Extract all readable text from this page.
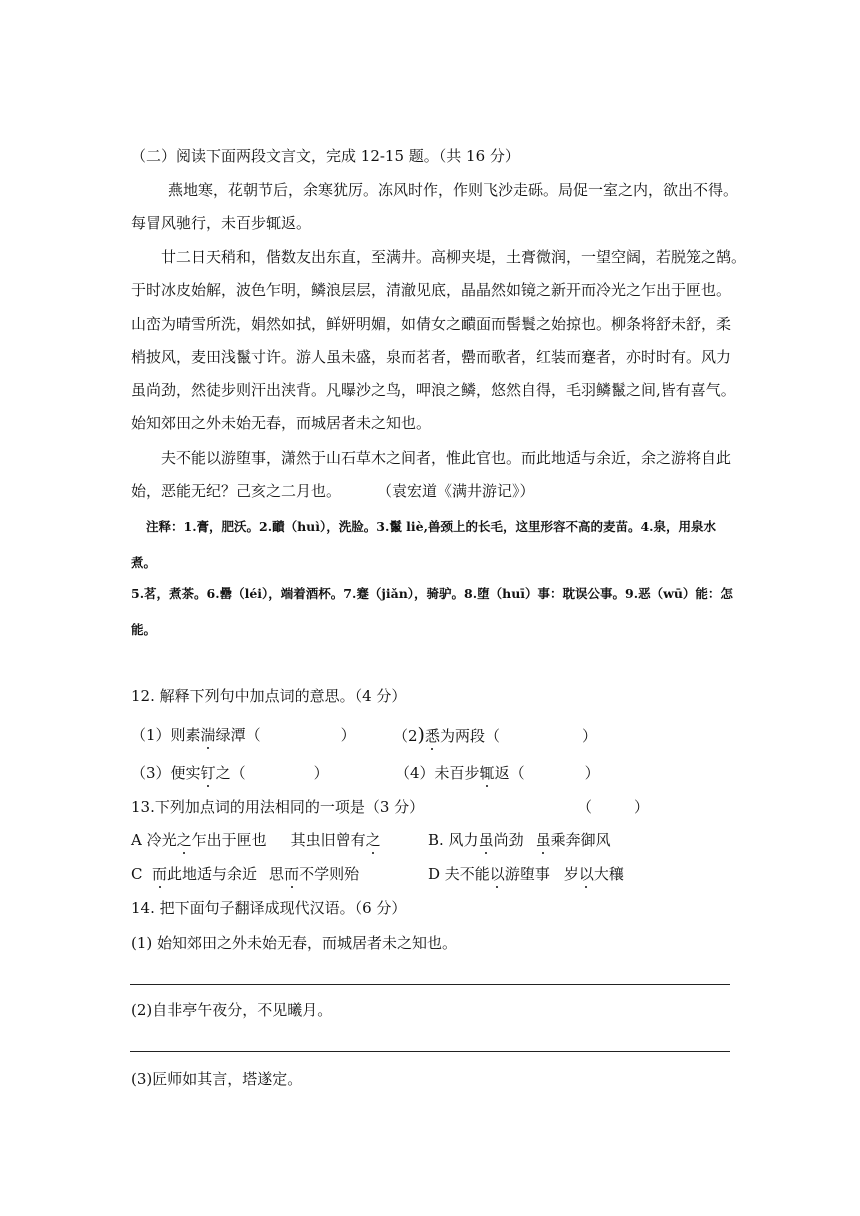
（二）阅读下面两段文言文，完成 12-15 题。（共 16 分）
燕地寒，花朝节后，余寒犹厉。冻风时作，作则飞沙走砾。局促一室之内，欲出不得。
每冒风驰行，未百步辄返。
廿二日天稍和，偕数友出东直，至满井。高柳夹堤，土膏微润，一望空阔，若脱笼之鹄。
于时冰皮始解，波色乍明，鳞浪层层，清澈见底，晶晶然如镜之新开而冷光之乍出于匣也。
山峦为晴雪所洗，娟然如拭，鲜妍明媚，如倩女之靧面而髻鬟之始掠也。柳条将舒未舒，柔
梢披风，麦田浅鬣寸许。游人虽未盛，泉而茗者，罍而歌者，红装而蹇者，亦时时有。风力
虽尚劲，然徒步则汗出浃背。凡曝沙之鸟，呷浪之鳞，悠然自得，毛羽鳞鬣之间,皆有喜气。
始知郊田之外未始无春，而城居者未之知也。
夫不能以游堕事，潇然于山石草木之间者，惟此官也。而此地适与余近，余之游将自此
始，恶能无纪？己亥之二月也。 （袁宏道《满井游记》）
注释：1.膏，肥沃。2.靧（huì），洗脸。3.鬣 liè,兽颈上的长毛，这里形容不高的麦苗。4.泉，用泉水
煮。
5.茗，煮茶。6.罍（léi），端着酒杯。7.蹇（jiǎn），骑驴。8.堕（huī）事：耽误公事。9.恶（wū）能：怎
能。
12. 解释下列句中加点词的意思。（4 分）
（1）则素湍绿潭（	） （2)悉为两段（	）
（3）便实钉之（	）	（4）未百步辄返（	）
13.下列加点词的用法相同的一项是（3 分）	（	）
A 冷光之乍出于匣也 其虫旧曾有之	B. 风力虽尚劲 虽乘奔御风
C  而此地适与余近 思而不学则殆	D 夫不能以游堕事 岁以大穰
14. 把下面句子翻译成现代汉语。（6 分）
(1) 始知郊田之外未始无春，而城居者未之知也。
(2)自非亭午夜分，不见曦月。
(3)匠师如其言，塔遂定。
